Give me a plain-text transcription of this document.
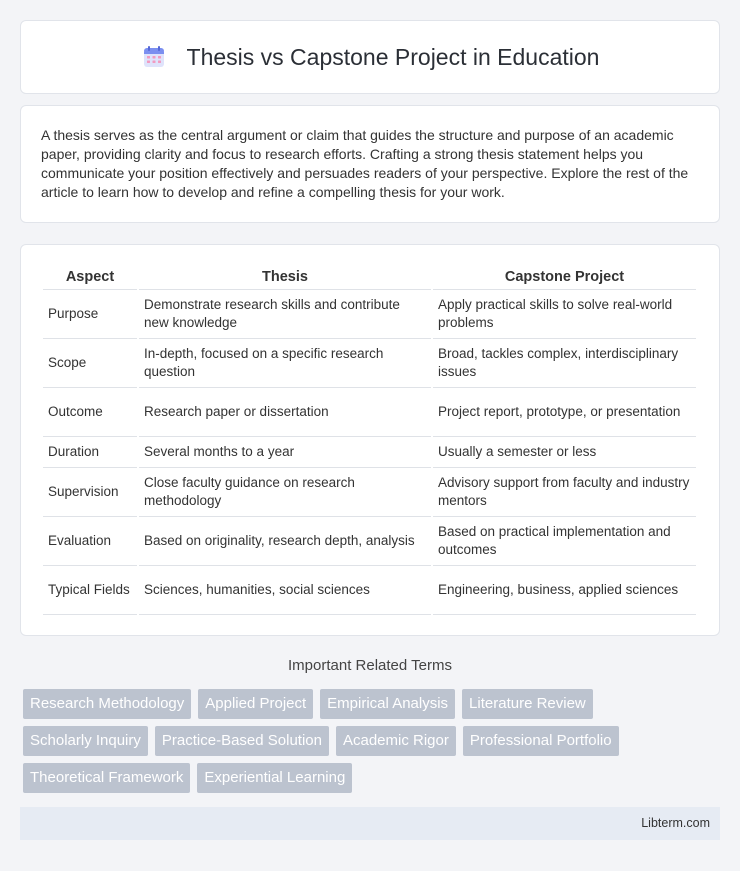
Thesis vs Capstone Project in Education

A thesis serves as the central argument or claim that guides the structure and purpose of an academic paper, providing clarity and focus to research efforts. Crafting a strong thesis statement helps you communicate your position effectively and persuades readers of your perspective. Explore the rest of the article to learn how to develop and refine a compelling thesis for your work.

Aspect	Thesis	Capstone Project
Purpose	Demonstrate research skills and contribute new knowledge	Apply practical skills to solve real-world problems
Scope	In-depth, focused on a specific research question	Broad, tackles complex, interdisciplinary issues
Outcome	Research paper or dissertation	Project report, prototype, or presentation
Duration	Several months to a year	Usually a semester or less
Supervision	Close faculty guidance on research methodology	Advisory support from faculty and industry mentors
Evaluation	Based on originality, research depth, analysis	Based on practical implementation and outcomes
Typical Fields	Sciences, humanities, social sciences	Engineering, business, applied sciences
Important Related Terms
Research Methodology	Applied Project	Empirical Analysis	Literature Review
Scholarly Inquiry	Practice-Based Solution	Academic Rigor	Professional Portfolio
Theoretical Framework	Experiential Learning
Libterm.com
